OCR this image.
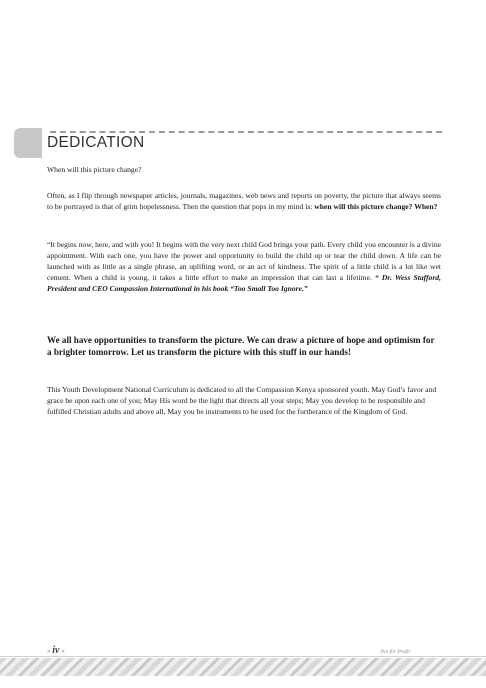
DEDICATION

When will this picture change?

Often, as I flip through newspaper articles, journals, magazines, web news and reports on poverty, the picture that always seems to be portrayed is that of grim hopelessness. Then the question that pops in my mind is: when will this picture change? When?

“It begins now, here, and with you! It begins with the very next child God brings your path. Every child you encounter is a divine appointment. With each one, you have the power and opportunity to build the child up or tear the child down. A life can be launched with as little as a single phrase, an uplifting word, or an act of kindness. The spirit of a little child is a lot like wet cement. When a child is young, it takes a little effort to make an impression that can last a lifetime. “ Dr. Wess Stafford, President and CEO Compassion International in his book “Too Small Too Ignore.”

We all have opportunities to transform the picture. We can draw a picture of hope and optimism for a brighter tomorrow. Let us transform the picture with this stuff in our hands!

This Youth Development National Curriculum is dedicated to all the Compassion Kenya sponsored youth. May God’s favor and grace be upon each one of you; May His word be the light that directs all your steps; May you develop to be responsible and fulfilled Christian adults and above all, May you be instruments to be used for the furtherance of the Kingdom of God.

» iv «	Not for Profit
